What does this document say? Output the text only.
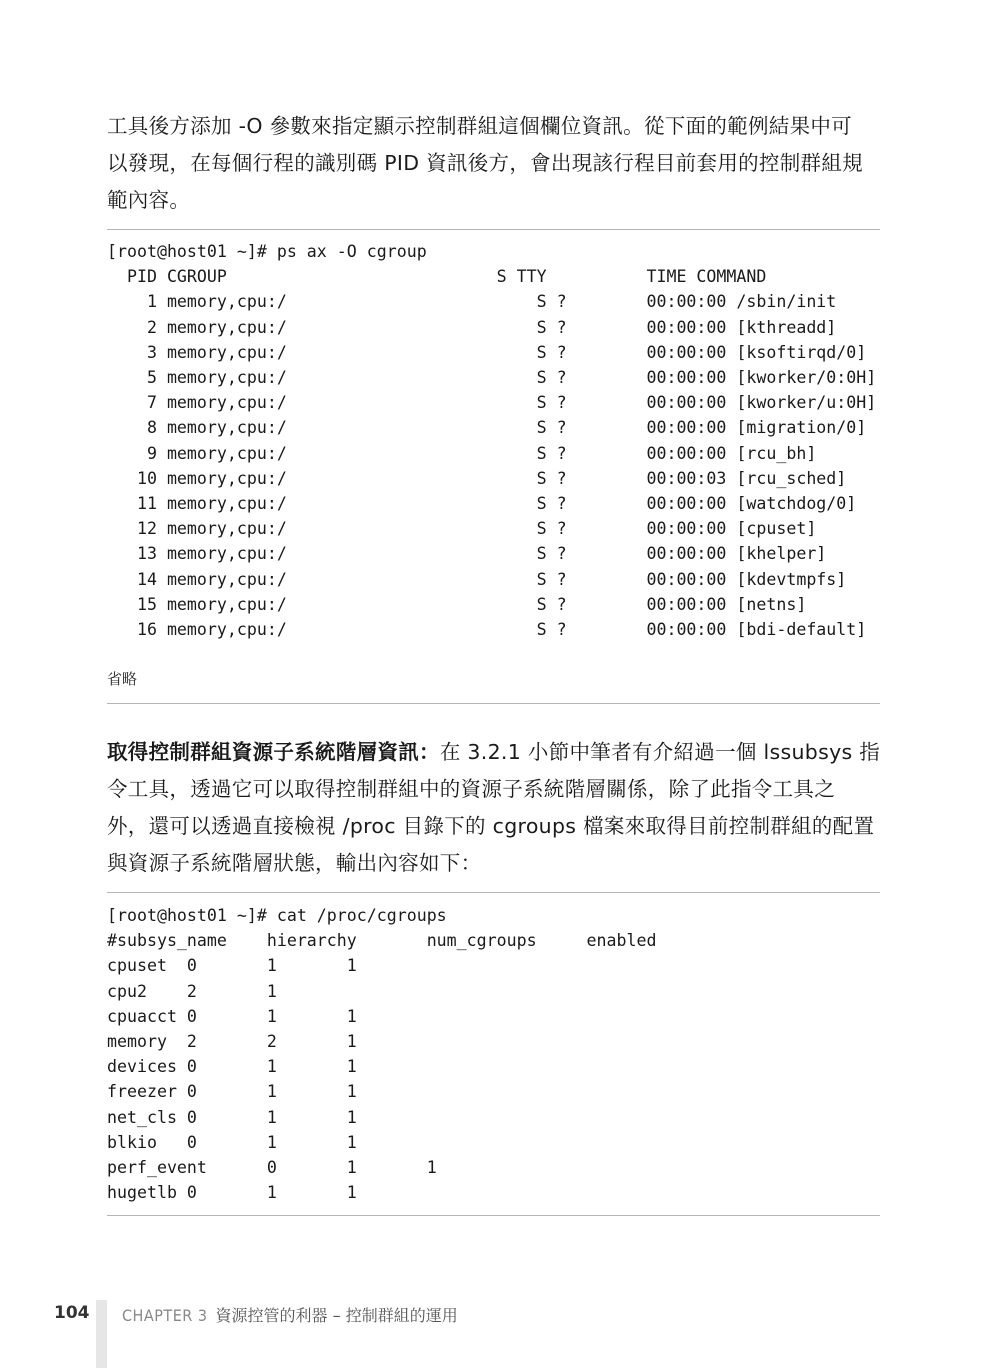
工具後方添加 -O 參數來指定顯示控制群組這個欄位資訊。從下面的範例結果中可
以發現，在每個行程的識別碼 PID 資訊後方，會出現該行程目前套用的控制群組規
範內容。
[root@host01 ~]# ps ax -O cgroup
PID CGROUP                           S TTY          TIME COMMAND
1 memory,cpu:/                         S ?        00:00:00 /sbin/init
2 memory,cpu:/                         S ?        00:00:00 [kthreadd]
3 memory,cpu:/                         S ?        00:00:00 [ksoftirqd/0]
5 memory,cpu:/                         S ?        00:00:00 [kworker/0:0H]
7 memory,cpu:/                         S ?        00:00:00 [kworker/u:0H]
8 memory,cpu:/                         S ?        00:00:00 [migration/0]
9 memory,cpu:/                         S ?        00:00:00 [rcu_bh]
10 memory,cpu:/                         S ?        00:00:03 [rcu_sched]
11 memory,cpu:/                         S ?        00:00:00 [watchdog/0]
12 memory,cpu:/                         S ?        00:00:00 [cpuset]
13 memory,cpu:/                         S ?        00:00:00 [khelper]
14 memory,cpu:/                         S ?        00:00:00 [kdevtmpfs]
15 memory,cpu:/                         S ?        00:00:00 [netns]
16 memory,cpu:/                         S ?        00:00:00 [bdi-default]
省略
取得控制群組資源子系統階層資訊：在 3.2.1 小節中筆者有介紹過一個 lssubsys 指
令工具，透過它可以取得控制群組中的資源子系統階層關係，除了此指令工具之
外，還可以透過直接檢視 /proc 目錄下的 cgroups 檔案來取得目前控制群組的配置
與資源子系統階層狀態，輸出內容如下：
[root@host01 ~]# cat /proc/cgroups
#subsys_name    hierarchy       num_cgroups     enabled
cpuset  0       1       1
cpu2    2       1
cpuacct 0       1       1
memory  2       2       1
devices 0       1       1
freezer 0       1       1
net_cls 0       1       1
blkio   0       1       1
perf_event      0       1       1
hugetlb 0       1       1
104 CHAPTER 3 資源控管的利器 – 控制群組的運用
